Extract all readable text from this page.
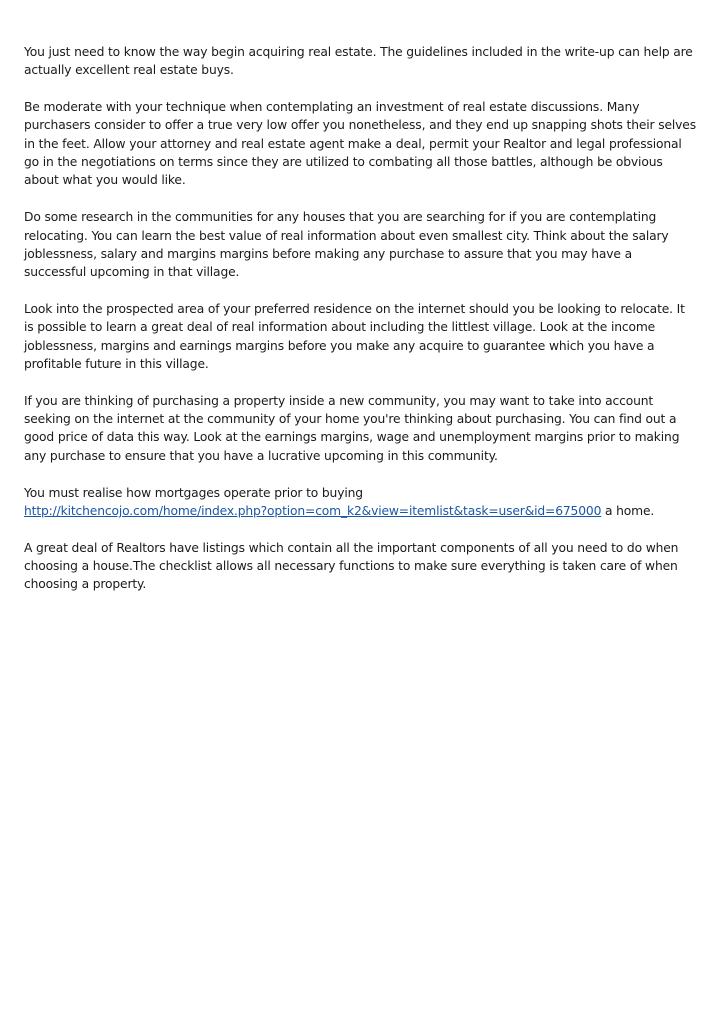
You just need to know the way begin acquiring real estate. The guidelines included in the write-up can help are actually excellent real estate buys.

Be moderate with your technique when contemplating an investment of real estate discussions. Many purchasers consider to offer a true very low offer you nonetheless, and they end up snapping shots their selves in the feet. Allow your attorney and real estate agent make a deal, permit your Realtor and legal professional go in the negotiations on terms since they are utilized to combating all those battles, although be obvious about what you would like.

Do some research in the communities for any houses that you are searching for if you are contemplating relocating. You can learn the best value of real information about even smallest city. Think about the salary joblessness, salary and margins margins before making any purchase to assure that you may have a successful upcoming in that village.

Look into the prospected area of your preferred residence on the internet should you be looking to relocate. It is possible to learn a great deal of real information about including the littlest village. Look at the income joblessness, margins and earnings margins before you make any acquire to guarantee which you have a profitable future in this village.

If you are thinking of purchasing a property inside a new community, you may want to take into account seeking on the internet at the community of your home you're thinking about purchasing. You can find out a good price of data this way. Look at the earnings margins, wage and unemployment margins prior to making any purchase to ensure that you have a lucrative upcoming in this community.

You must realise how mortgages operate prior to buying
http://kitchencojo.com/home/index.php?option=com_k2&view=itemlist&task=user&id=675000 a home.

A great deal of Realtors have listings which contain all the important components of all you need to do when choosing a house.The checklist allows all necessary functions to make sure everything is taken care of when choosing a property.
